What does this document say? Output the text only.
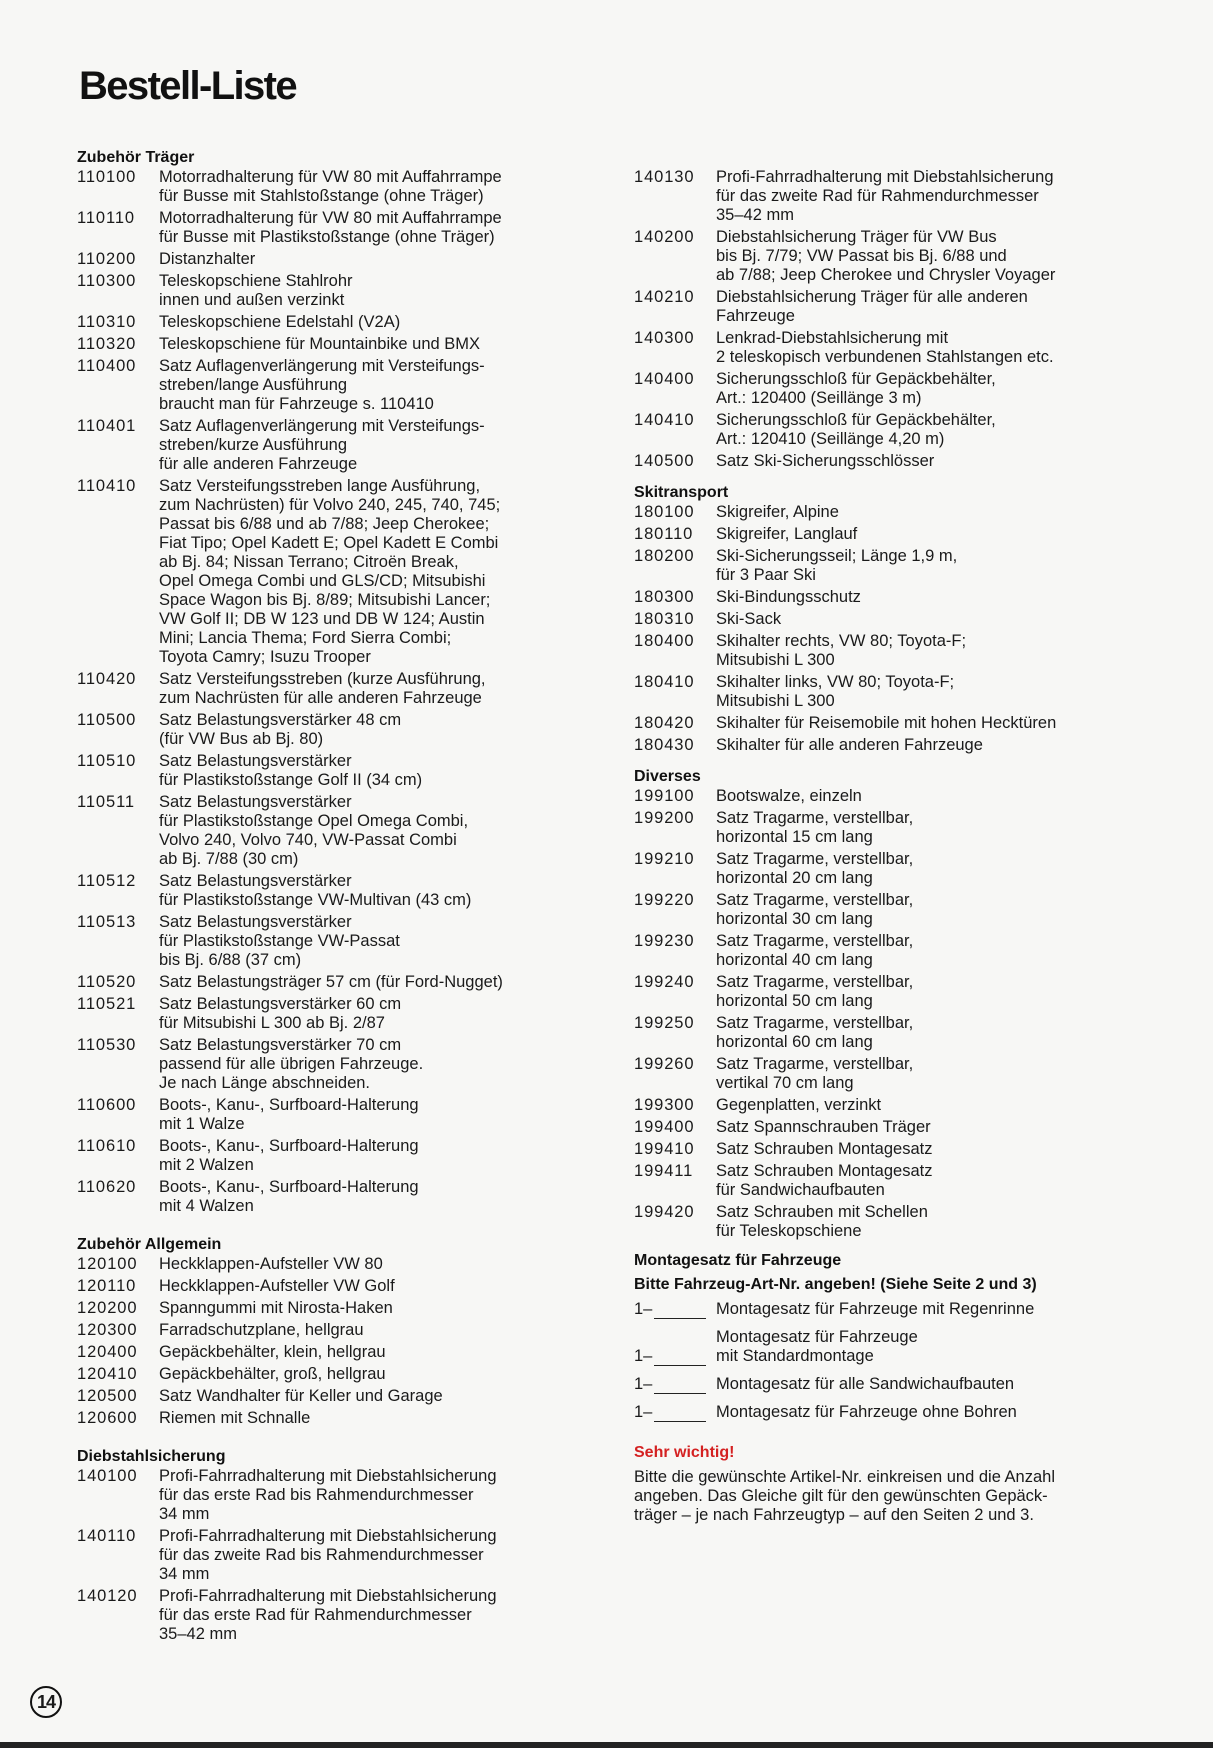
Bestell-Liste
Zubehör Träger
110100	Motorradhalterung für VW 80 mit Auffahrrampe
für Busse mit Stahlstoßstange (ohne Träger)
110110	Motorradhalterung für VW 80 mit Auffahrrampe
für Busse mit Plastikstoßstange (ohne Träger)
110200	Distanzhalter
110300	Teleskopschiene Stahlrohr
innen und außen verzinkt
110310	Teleskopschiene Edelstahl (V2A)
110320	Teleskopschiene für Mountainbike und BMX
110400	Satz Auflagenverlängerung mit Versteifungs-
streben/lange Ausführung
braucht man für Fahrzeuge s. 110410
110401	Satz Auflagenverlängerung mit Versteifungs-
streben/kurze Ausführung
für alle anderen Fahrzeuge
110410	Satz Versteifungsstreben lange Ausführung,
zum Nachrüsten) für Volvo 240, 245, 740, 745;
Passat bis 6/88 und ab 7/88; Jeep Cherokee;
Fiat Tipo; Opel Kadett E; Opel Kadett E Combi
ab Bj. 84; Nissan Terrano; Citroën Break,
Opel Omega Combi und GLS/CD; Mitsubishi
Space Wagon bis Bj. 8/89; Mitsubishi Lancer;
VW Golf II; DB W 123 und DB W 124; Austin
Mini; Lancia Thema; Ford Sierra Combi;
Toyota Camry; Isuzu Trooper
110420	Satz Versteifungsstreben (kurze Ausführung,
zum Nachrüsten für alle anderen Fahrzeuge
110500	Satz Belastungsverstärker 48 cm
(für VW Bus ab Bj. 80)
110510	Satz Belastungsverstärker
für Plastikstoßstange Golf II (34 cm)
110511	Satz Belastungsverstärker
für Plastikstoßstange Opel Omega Combi,
Volvo 240, Volvo 740, VW-Passat Combi
ab Bj. 7/88 (30 cm)
110512	Satz Belastungsverstärker
für Plastikstoßstange VW-Multivan (43 cm)
110513	Satz Belastungsverstärker
für Plastikstoßstange VW-Passat
bis Bj. 6/88 (37 cm)
110520	Satz Belastungsträger 57 cm (für Ford-Nugget)
110521	Satz Belastungsverstärker 60 cm
für Mitsubishi L 300 ab Bj. 2/87
110530	Satz Belastungsverstärker 70 cm
passend für alle übrigen Fahrzeuge.
Je nach Länge abschneiden.
110600	Boots-, Kanu-, Surfboard-Halterung
mit 1 Walze
110610	Boots-, Kanu-, Surfboard-Halterung
mit 2 Walzen
110620	Boots-, Kanu-, Surfboard-Halterung
mit 4 Walzen
Zubehör Allgemein
120100	Heckklappen-Aufsteller VW 80
120110	Heckklappen-Aufsteller VW Golf
120200	Spanngummi mit Nirosta-Haken
120300	Farradschutzplane, hellgrau
120400	Gepäckbehälter, klein, hellgrau
120410	Gepäckbehälter, groß, hellgrau
120500	Satz Wandhalter für Keller und Garage
120600	Riemen mit Schnalle
Diebstahlsicherung
140100	Profi-Fahrradhalterung mit Diebstahlsicherung
für das erste Rad bis Rahmendurchmesser
34 mm
140110	Profi-Fahrradhalterung mit Diebstahlsicherung
für das zweite Rad bis Rahmendurchmesser
34 mm
140120	Profi-Fahrradhalterung mit Diebstahlsicherung
für das erste Rad für Rahmendurchmesser
35–42 mm
140130	Profi-Fahrradhalterung mit Diebstahlsicherung
für das zweite Rad für Rahmendurchmesser
35–42 mm
140200	Diebstahlsicherung Träger für VW Bus
bis Bj. 7/79; VW Passat bis Bj. 6/88 und
ab 7/88; Jeep Cherokee und Chrysler Voyager
140210	Diebstahlsicherung Träger für alle anderen
Fahrzeuge
140300	Lenkrad-Diebstahlsicherung mit
2 teleskopisch verbundenen Stahlstangen etc.
140400	Sicherungsschloß für Gepäckbehälter,
Art.: 120400 (Seillänge 3 m)
140410	Sicherungsschloß für Gepäckbehälter,
Art.: 120410 (Seillänge 4,20 m)
140500	Satz Ski-Sicherungsschlösser
Skitransport
180100	Skigreifer, Alpine
180110	Skigreifer, Langlauf
180200	Ski-Sicherungsseil; Länge 1,9 m,
für 3 Paar Ski
180300	Ski-Bindungsschutz
180310	Ski-Sack
180400	Skihalter rechts, VW 80; Toyota-F;
Mitsubishi L 300
180410	Skihalter links, VW 80; Toyota-F;
Mitsubishi L 300
180420	Skihalter für Reisemobile mit hohen Hecktüren
180430	Skihalter für alle anderen Fahrzeuge
Diverses
199100	Bootswalze, einzeln
199200	Satz Tragarme, verstellbar,
horizontal 15 cm lang
199210	Satz Tragarme, verstellbar,
horizontal 20 cm lang
199220	Satz Tragarme, verstellbar,
horizontal 30 cm lang
199230	Satz Tragarme, verstellbar,
horizontal 40 cm lang
199240	Satz Tragarme, verstellbar,
horizontal 50 cm lang
199250	Satz Tragarme, verstellbar,
horizontal 60 cm lang
199260	Satz Tragarme, verstellbar,
vertikal 70 cm lang
199300	Gegenplatten, verzinkt
199400	Satz Spannschrauben Träger
199410	Satz Schrauben Montagesatz
199411	Satz Schrauben Montagesatz
für Sandwichaufbauten
199420	Satz Schrauben mit Schellen
für Teleskopschiene
Montagesatz für Fahrzeuge
Bitte Fahrzeug-Art-Nr. angeben! (Siehe Seite 2 und 3)
1–	Montagesatz für Fahrzeuge mit Regenrinne
1–
Montagesatz für Fahrzeuge
mit Standardmontage
1–	Montagesatz für alle Sandwichaufbauten
1–	Montagesatz für Fahrzeuge ohne Bohren
Sehr wichtig!

Bitte die gewünschte Artikel-Nr. einkreisen und die Anzahl
angeben. Das Gleiche gilt für den gewünschten Gepäck-
träger – je nach Fahrzeugtyp – auf den Seiten 2 und 3.

14
